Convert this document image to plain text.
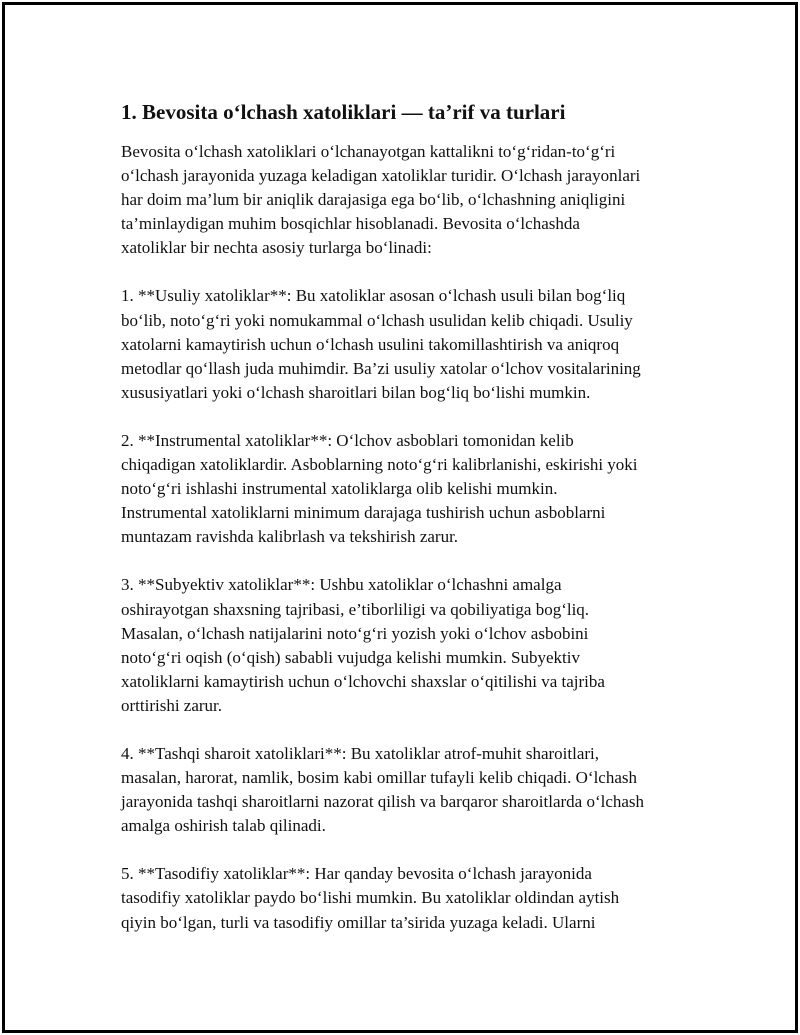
1. Bevosita o‘lchash xatoliklari — ta’rif va turlari

Bevosita o‘lchash xatoliklari o‘lchanayotgan kattalikni to‘g‘ridan-to‘g‘ri
o‘lchash jarayonida yuzaga keladigan xatoliklar turidir. O‘lchash jarayonlari
har doim ma’lum bir aniqlik darajasiga ega bo‘lib, o‘lchashning aniqligini
ta’minlaydigan muhim bosqichlar hisoblanadi. Bevosita o‘lchashda
xatoliklar bir nechta asosiy turlarga bo‘linadi:

1. **Usuliy xatoliklar**: Bu xatoliklar asosan o‘lchash usuli bilan bog‘liq
bo‘lib, noto‘g‘ri yoki nomukammal o‘lchash usulidan kelib chiqadi. Usuliy
xatolarni kamaytirish uchun o‘lchash usulini takomillashtirish va aniqroq
metodlar qo‘llash juda muhimdir. Ba’zi usuliy xatolar o‘lchov vositalarining
xususiyatlari yoki o‘lchash sharoitlari bilan bog‘liq bo‘lishi mumkin.

2. **Instrumental xatoliklar**: O‘lchov asboblari tomonidan kelib
chiqadigan xatoliklardir. Asboblarning noto‘g‘ri kalibrlanishi, eskirishi yoki
noto‘g‘ri ishlashi instrumental xatoliklarga olib kelishi mumkin.
Instrumental xatoliklarni minimum darajaga tushirish uchun asboblarni
muntazam ravishda kalibrlash va tekshirish zarur.

3. **Subyektiv xatoliklar**: Ushbu xatoliklar o‘lchashni amalga
oshirayotgan shaxsning tajribasi, e’tiborliligi va qobiliyatiga bog‘liq.
Masalan, o‘lchash natijalarini noto‘g‘ri yozish yoki o‘lchov asbobini
noto‘g‘ri oqish (o‘qish) sababli vujudga kelishi mumkin. Subyektiv
xatoliklarni kamaytirish uchun o‘lchovchi shaxslar o‘qitilishi va tajriba
orttirishi zarur.

4. **Tashqi sharoit xatoliklari**: Bu xatoliklar atrof-muhit sharoitlari,
masalan, harorat, namlik, bosim kabi omillar tufayli kelib chiqadi. O‘lchash
jarayonida tashqi sharoitlarni nazorat qilish va barqaror sharoitlarda o‘lchash
amalga oshirish talab qilinadi.

5. **Tasodifiy xatoliklar**: Har qanday bevosita o‘lchash jarayonida
tasodifiy xatoliklar paydo bo‘lishi mumkin. Bu xatoliklar oldindan aytish
qiyin bo‘lgan, turli va tasodifiy omillar ta’sirida yuzaga keladi. Ularni
